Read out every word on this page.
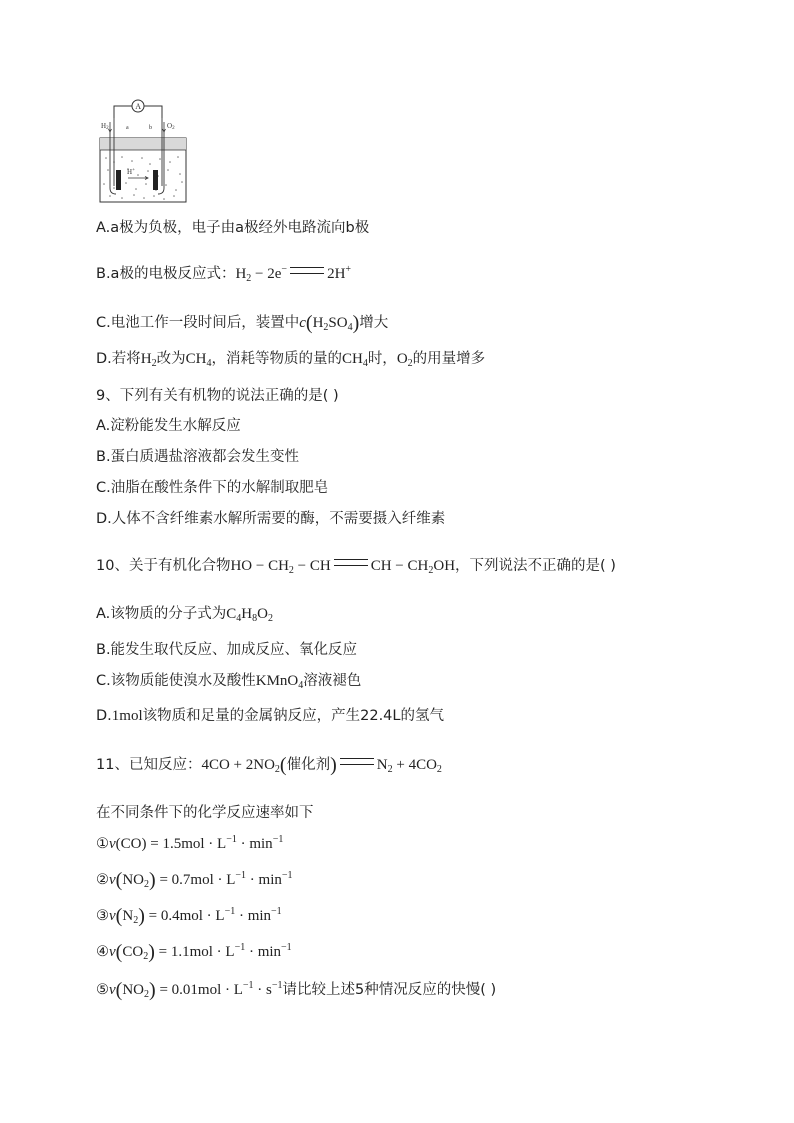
A
H2	a	b O2
H+
A.a极为负极，电子由a极经外电路流向b极
B.a极的电极反应式：$H_2 - 2e^-$	2H+
C.电池工作一段时间后，装置中$c(H_2SO_4)$增大
D.若将$H_2$改为$CH_4$，消耗等物质的量的$CH_4$时，$O_2$的用量增多
9、下列有关有机物的说法正确的是( )
A.淀粉能发生水解反应
B.蛋白质遇盐溶液都会发生变性
C.油脂在酸性条件下的水解制取肥皂
D.人体不含纤维素水解所需要的酶，不需要摄入纤维素
10、关于有机化合物HO − $CH_2$ − CH	CH − $CH_2OH$，下列说法不正确的是( )
A.该物质的分子式为$C_4H_8O_2$
B.能发生取代反应、加成反应、氧化反应
C.该物质能使溴水及酸性KMnO$_4$溶液褪色
D.1mol该物质和足量的金属钠反应，产生22.4L的氢气
11、已知反应：$4CO + 2NO_2$(催化剂)	$N_2 + 4CO_2$
在不同条件下的化学反应速率如下
①v(CO) = $1.5mol \cdot L^{-1} \cdot \min^{-1}$
$②v(NO_2) = 0.7mol \cdot L^{-1} \cdot \min^{-1}$
$③v(N_2) = 0.4mol \cdot L^{-1} \cdot \min^{-1}$
$④v(CO_2) = 1.1mol \cdot L^{-1} \cdot \min^{-1}$
$⑤v(NO_2) = 0.01mol \cdot L^{-1} \cdot s^{-1}$请比较上述5种情况反应的快慢( )
